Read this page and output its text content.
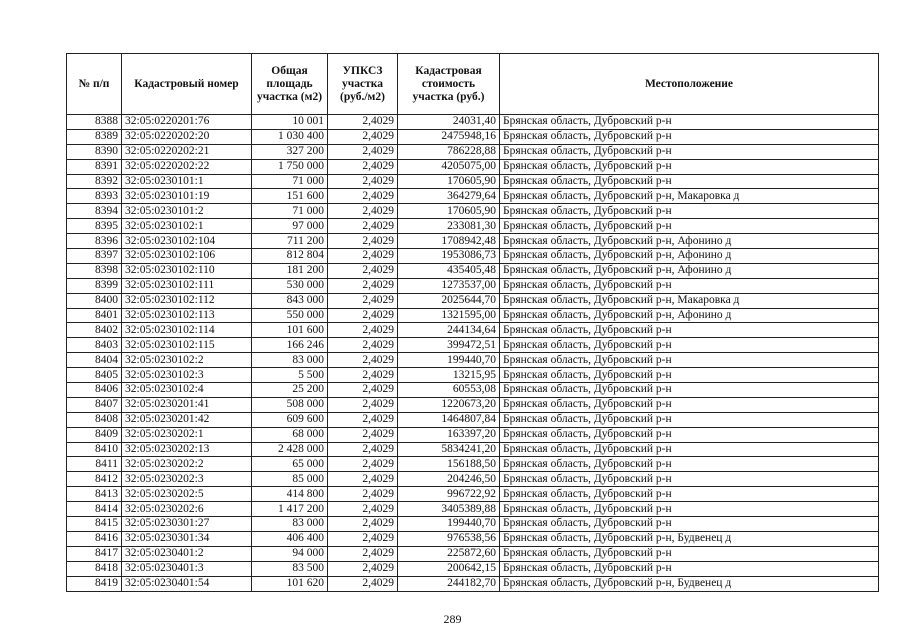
№ п/п	Кадастровый номер	Общая площадь участка (м2)	УПКСЗ участка (руб./м2)	Кадастровая стоимость участка (руб.)	Местоположение
8388	32:05:0220201:76	10 001	2,4029	24031,40	Брянская область, Дубровский р-н
8389	32:05:0220202:20	1 030 400	2,4029	2475948,16	Брянская область, Дубровский р-н
8390	32:05:0220202:21	327 200	2,4029	786228,88	Брянская область, Дубровский р-н
8391	32:05:0220202:22	1 750 000	2,4029	4205075,00	Брянская область, Дубровский р-н
8392	32:05:0230101:1	71 000	2,4029	170605,90	Брянская область, Дубровский р-н
8393	32:05:0230101:19	151 600	2,4029	364279,64	Брянская область, Дубровский р-н, Макаровка д
8394	32:05:0230101:2	71 000	2,4029	170605,90	Брянская область, Дубровский р-н
8395	32:05:0230102:1	97 000	2,4029	233081,30	Брянская область, Дубровский р-н
8396	32:05:0230102:104	711 200	2,4029	1708942,48	Брянская область, Дубровский р-н, Афонино д
8397	32:05:0230102:106	812 804	2,4029	1953086,73	Брянская область, Дубровский р-н, Афонино д
8398	32:05:0230102:110	181 200	2,4029	435405,48	Брянская область, Дубровский р-н, Афонино д
8399	32:05:0230102:111	530 000	2,4029	1273537,00	Брянская область, Дубровский р-н
8400	32:05:0230102:112	843 000	2,4029	2025644,70	Брянская область, Дубровский р-н, Макаровка д
8401	32:05:0230102:113	550 000	2,4029	1321595,00	Брянская область, Дубровский р-н, Афонино д
8402	32:05:0230102:114	101 600	2,4029	244134,64	Брянская область, Дубровский р-н
8403	32:05:0230102:115	166 246	2,4029	399472,51	Брянская область, Дубровский р-н
8404	32:05:0230102:2	83 000	2,4029	199440,70	Брянская область, Дубровский р-н
8405	32:05:0230102:3	5 500	2,4029	13215,95	Брянская область, Дубровский р-н
8406	32:05:0230102:4	25 200	2,4029	60553,08	Брянская область, Дубровский р-н
8407	32:05:0230201:41	508 000	2,4029	1220673,20	Брянская область, Дубровский р-н
8408	32:05:0230201:42	609 600	2,4029	1464807,84	Брянская область, Дубровский р-н
8409	32:05:0230202:1	68 000	2,4029	163397,20	Брянская область, Дубровский р-н
8410	32:05:0230202:13	2 428 000	2,4029	5834241,20	Брянская область, Дубровский р-н
8411	32:05:0230202:2	65 000	2,4029	156188,50	Брянская область, Дубровский р-н
8412	32:05:0230202:3	85 000	2,4029	204246,50	Брянская область, Дубровский р-н
8413	32:05:0230202:5	414 800	2,4029	996722,92	Брянская область, Дубровский р-н
8414	32:05:0230202:6	1 417 200	2,4029	3405389,88	Брянская область, Дубровский р-н
8415	32:05:0230301:27	83 000	2,4029	199440,70	Брянская область, Дубровский р-н
8416	32:05:0230301:34	406 400	2,4029	976538,56	Брянская область, Дубровский р-н, Будвенец д
8417	32:05:0230401:2	94 000	2,4029	225872,60	Брянская область, Дубровский р-н
8418	32:05:0230401:3	83 500	2,4029	200642,15	Брянская область, Дубровский р-н
8419	32:05:0230401:54	101 620	2,4029	244182,70	Брянская область, Дубровский р-н, Будвенец д
289
